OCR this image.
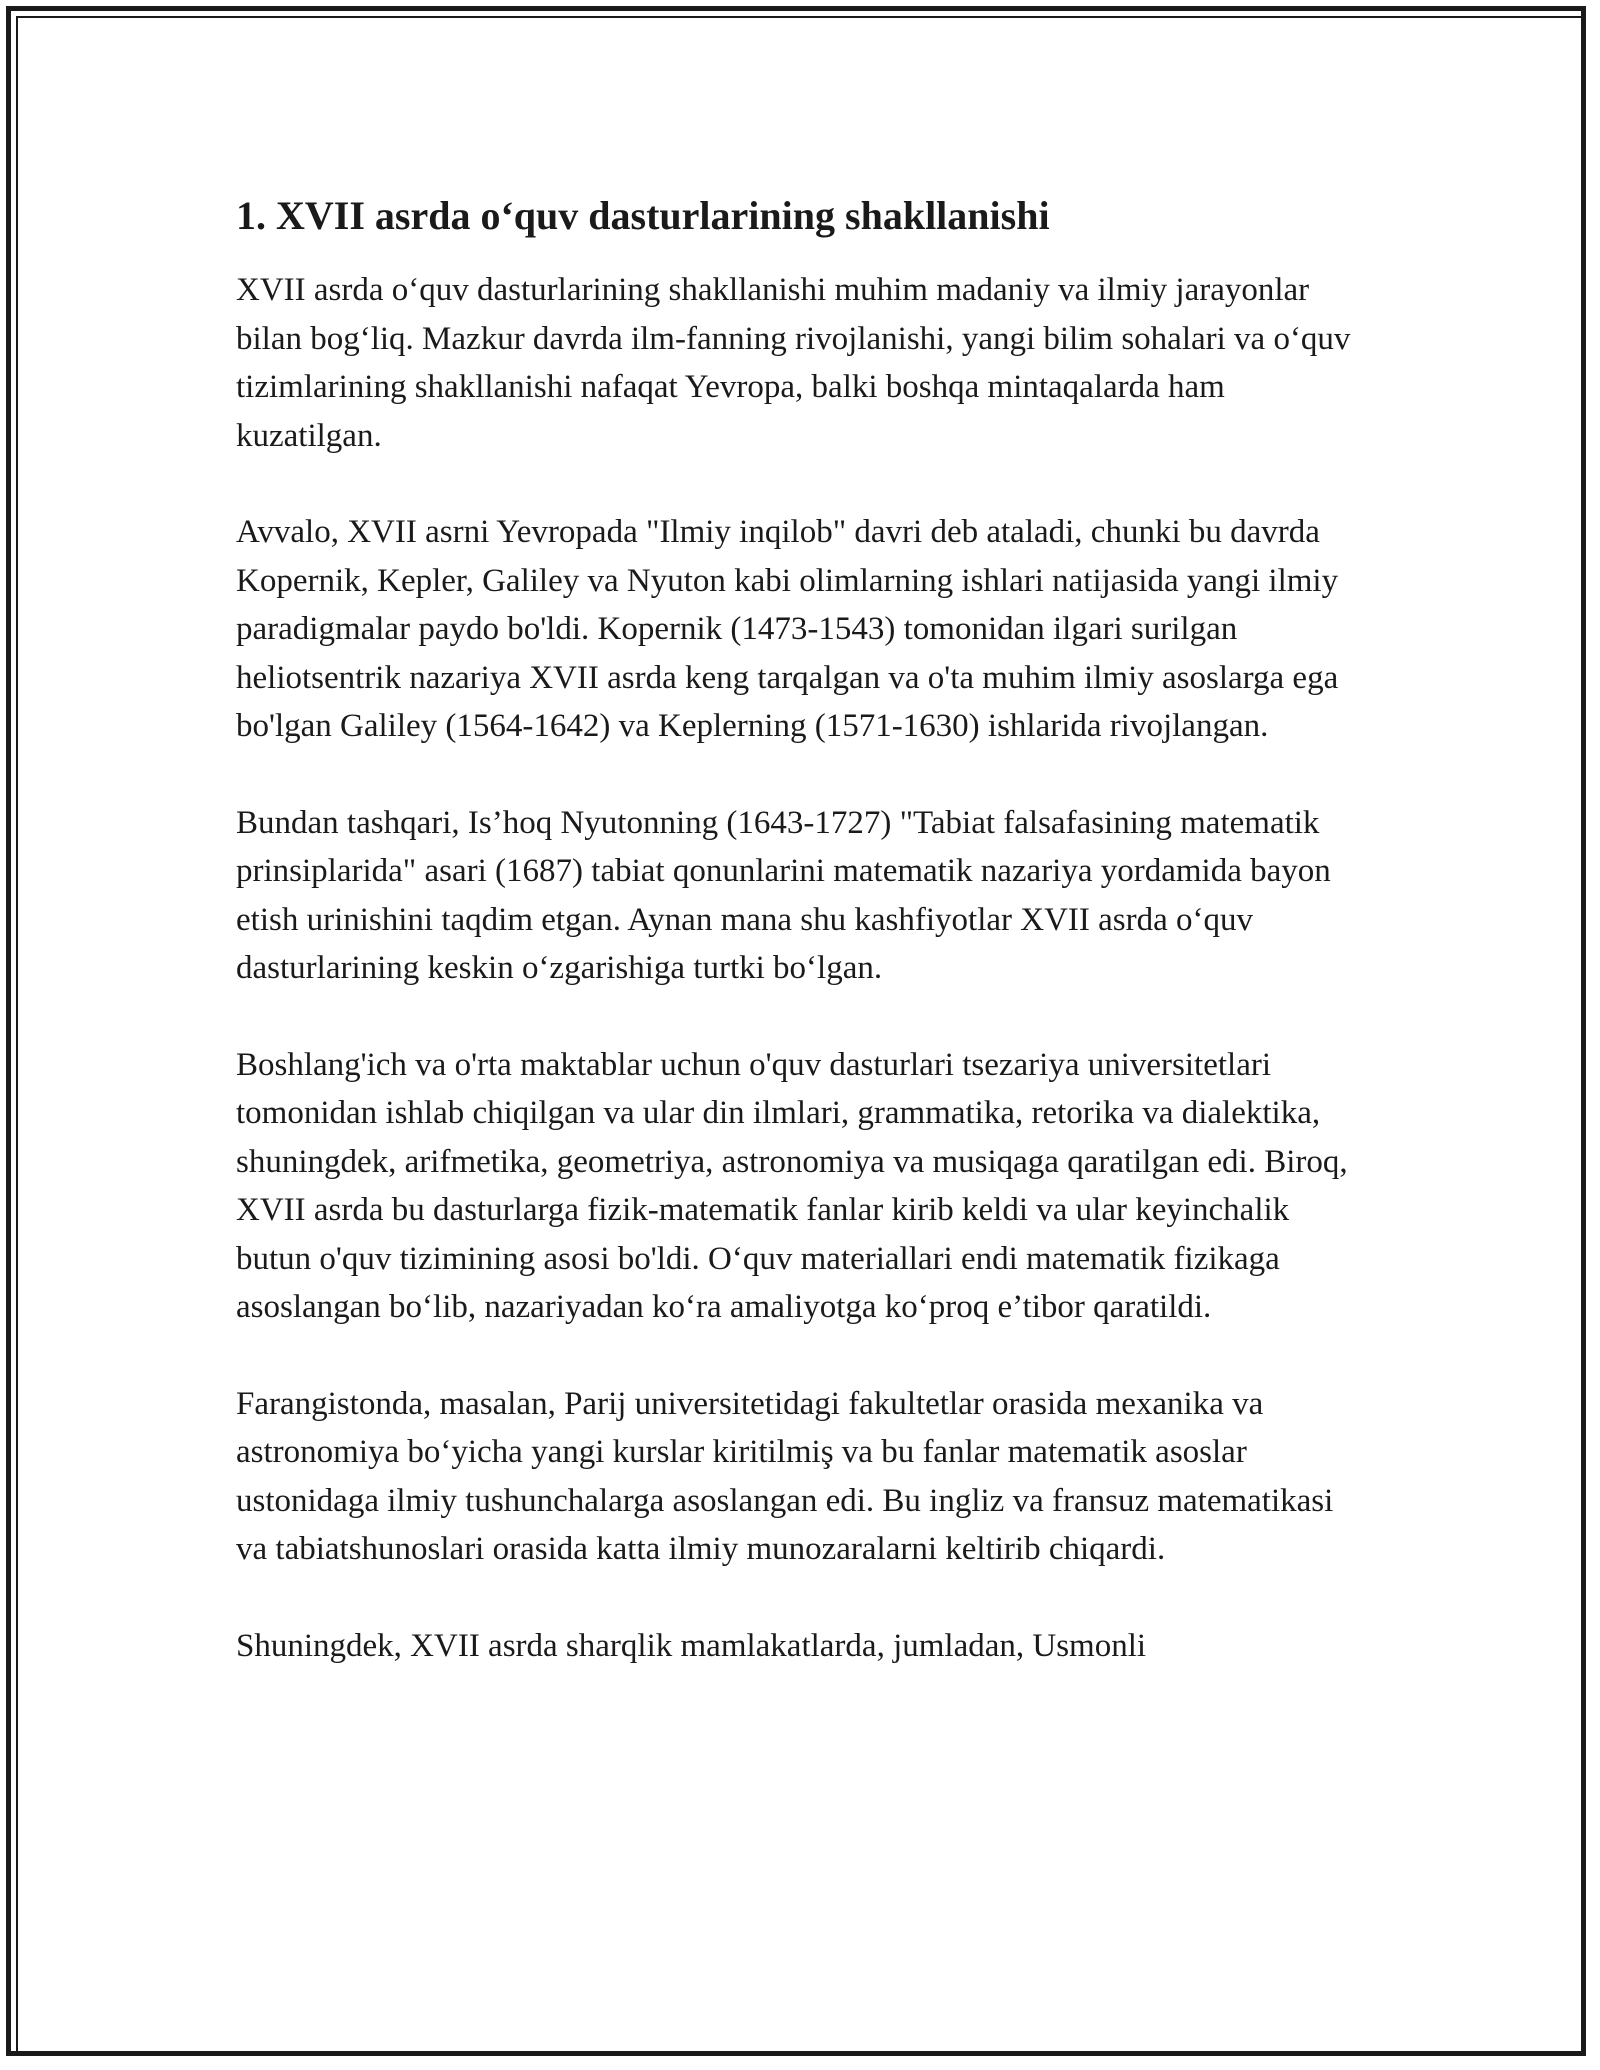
1. XVII asrda o‘quv dasturlarining shakllanishi

XVII asrda o‘quv dasturlarining shakllanishi muhim madaniy va ilmiy jarayonlar bilan bog‘liq. Mazkur davrda ilm-fanning rivojlanishi, yangi bilim sohalari va o‘quv tizimlarining shakllanishi nafaqat Yevropa, balki boshqa mintaqalarda ham kuzatilgan.

Avvalo, XVII asrni Yevropada "Ilmiy inqilob" davri deb ataladi, chunki bu davrda Kopernik, Kepler, Galiley va Nyuton kabi olimlarning ishlari natijasida yangi ilmiy paradigmalar paydo bo'ldi. Kopernik (1473-1543) tomonidan ilgari surilgan heliotsentrik nazariya XVII asrda keng tarqalgan va o'ta muhim ilmiy asoslarga ega bo'lgan Galiley (1564-1642) va Keplerning (1571-1630) ishlarida rivojlangan.

Bundan tashqari, Is’hoq Nyutonning (1643-1727) "Tabiat falsafasining matematik prinsiplarida" asari (1687) tabiat qonunlarini matematik nazariya yordamida bayon etish urinishini taqdim etgan. Aynan mana shu kashfiyotlar XVII asrda o‘quv dasturlarining keskin o‘zgarishiga turtki bo‘lgan.

Boshlang'ich va o'rta maktablar uchun o'quv dasturlari tsezariya universitetlari tomonidan ishlab chiqilgan va ular din ilmlari, grammatika, retorika va dialektika, shuningdek, arifmetika, geometriya, astronomiya va musiqaga qaratilgan edi. Biroq, XVII asrda bu dasturlarga fizik-matematik fanlar kirib keldi va ular keyinchalik butun o'quv tizimining asosi bo'ldi. O‘quv materiallari endi matematik fizikaga asoslangan bo‘lib, nazariyadan ko‘ra amaliyotga ko‘proq e’tibor qaratildi.

Farangistonda, masalan, Parij universitetidagi fakultetlar orasida mexanika va astronomiya bo‘yicha yangi kurslar kiritilmiş va bu fanlar matematik asoslar ustonidaga ilmiy tushunchalarga asoslangan edi. Bu ingliz va fransuz matematikasi va tabiatshunoslari orasida katta ilmiy munozaralarni keltirib chiqardi.

Shuningdek, XVII asrda sharqlik mamlakatlarda, jumladan, Usmonli
